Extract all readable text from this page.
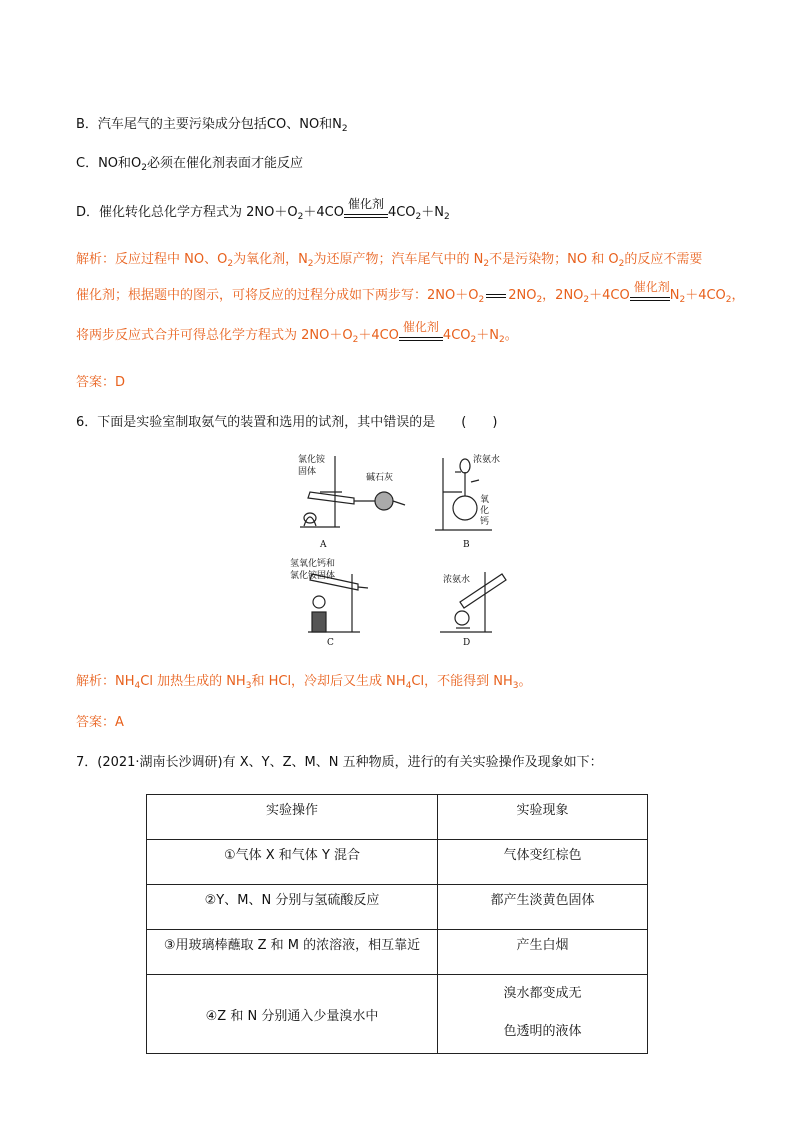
B．汽车尾气的主要污染成分包括CO、NO和$N_2$
C．NO和$O_2$必须在催化剂表面才能反应
D．催化转化总化学方程式为 $2NO+O_2+4CO$
催化剂
$4CO_2+N_2$
解析：反应过程中 NO、$O_2$为氧化剂，$N_2$为还原产物；汽车尾气中的 $N_2$不是污染物；NO 和 $O_2$的反应不需要
催化剂；根据题中的图示，可将反应的过程分成如下两步写：$2NO+O_2$ $2NO_2$，$2NO_2+4CO$
催化剂
$N_2+4CO_2$，
将两步反应式合并可得总化学方程式为 $2NO+O_2+4CO$
催化剂
$4CO_2+N_2$。
答案：D
6．下面是实验室制取氨气的装置和选用的试剂，其中错误的是　　(　　)
氯化铵
固体
碱石灰
浓氨水
氧
化
钙
氢氧化钙和
氯化铵固体	浓氨水
A	B
C	D
解析：$NH_4Cl$ 加热生成的 $NH_3$和 HCl，冷却后又生成 $NH_4Cl$，不能得到 $NH_3$。
答案：A
7．(2021·湖南长沙调研)有 X、Y、Z、M、N 五种物质，进行的有关实验操作及现象如下：
实验操作	实验现象
①气体 X 和气体 Y 混合	气体变红棕色
②Y、M、N 分别与氢硫酸反应	都产生淡黄色固体
③用玻璃棒蘸取 Z 和 M 的浓溶液，相互靠近	产生白烟
④Z 和 N 分别通入少量溴水中	溴水都变成无
色透明的液体
